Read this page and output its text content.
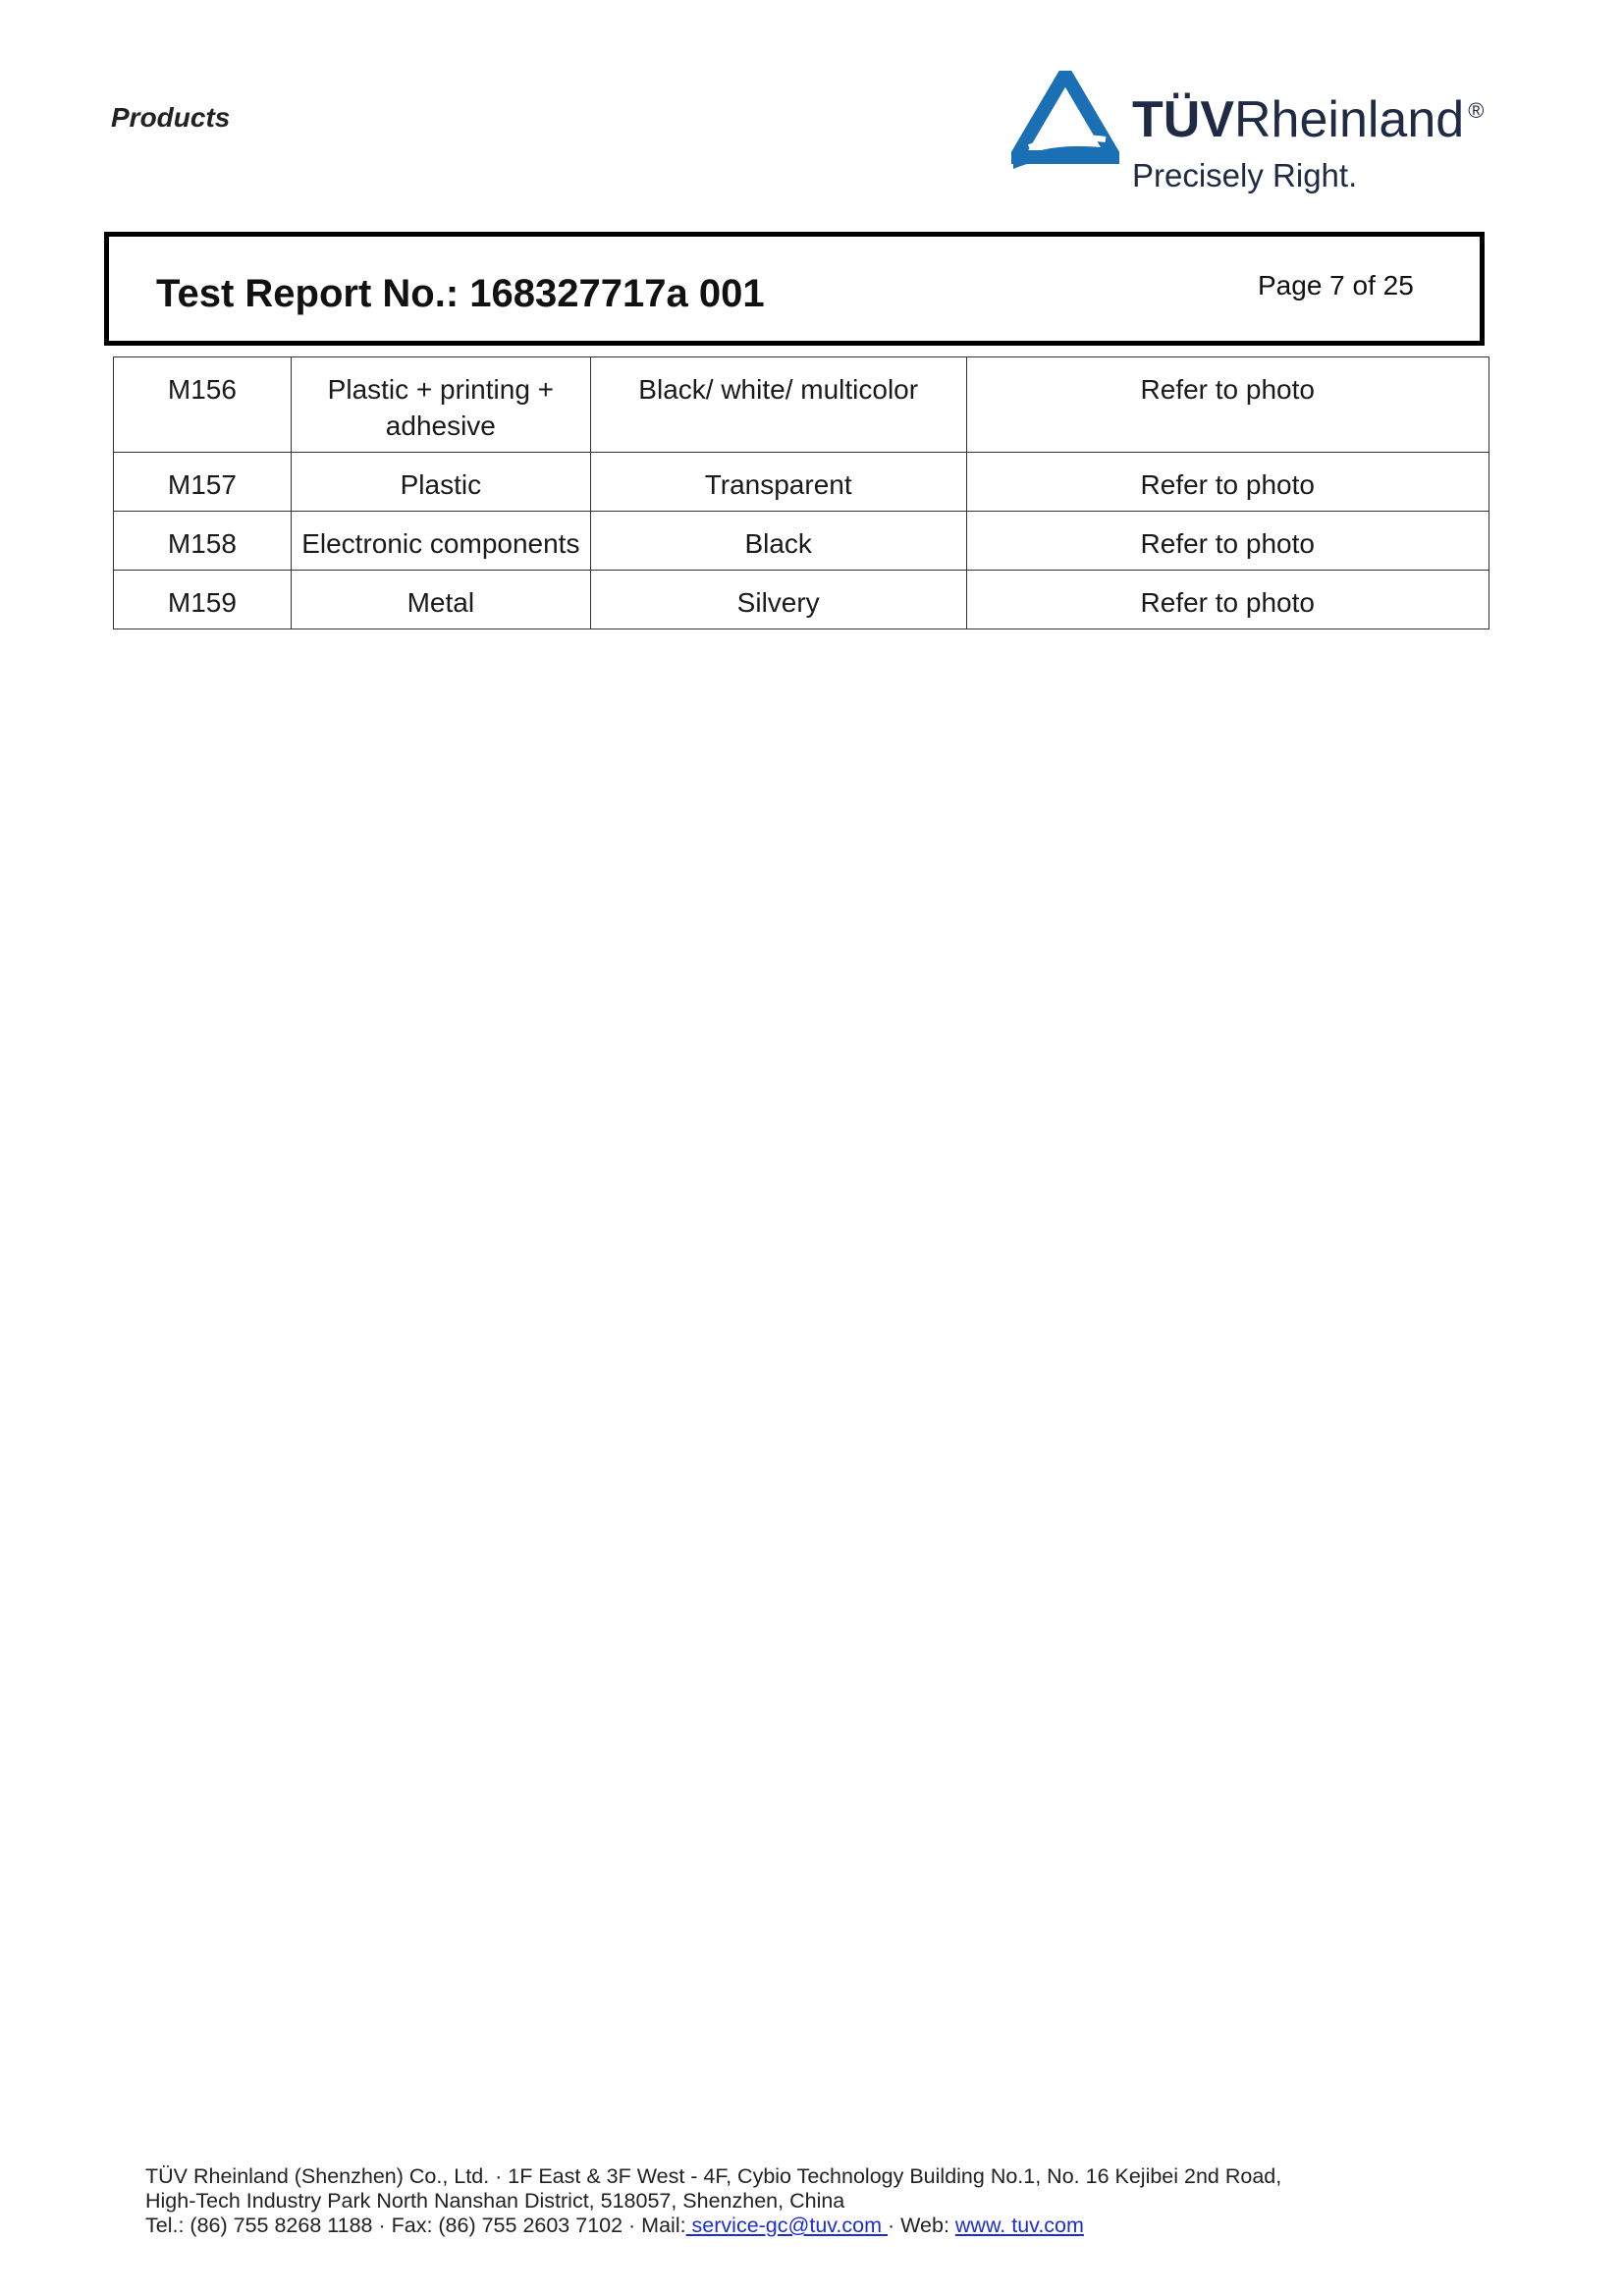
Products	TÜVRheinland ®
Precisely Right.
Test Report No.: 168327717a 001	Page 7 of 25
M156	Plastic + printing + adhesive	Black/ white/ multicolor	Refer to photo
M157	Plastic	Transparent	Refer to photo
M158	Electronic components	Black	Refer to photo
M159	Metal	Silvery	Refer to photo
TÜV Rheinland (Shenzhen) Co., Ltd. · 1F East & 3F West - 4F, Cybio Technology Building No.1, No. 16 Kejibei 2nd Road,
High-Tech Industry Park North Nanshan District, 518057, Shenzhen, China
Tel.: (86) 755 8268 1188 · Fax: (86) 755 2603 7102 · Mail: service-gc@tuv.com · Web: www. tuv.com
